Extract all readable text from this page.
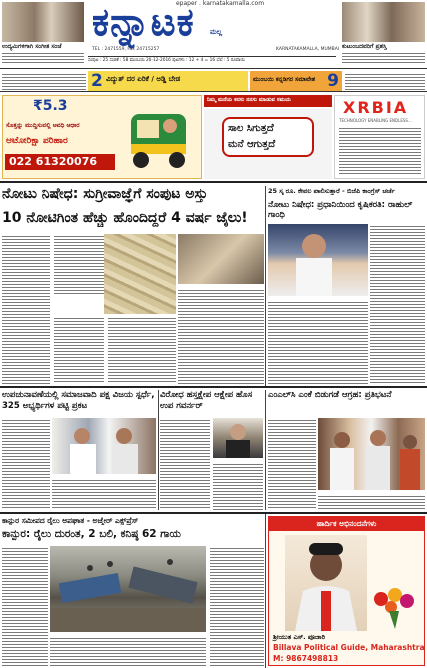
ಉದ್ಯಮಿಗಳಿಗಾಗಿ ಸಂಗೀತ ಸಂಜೆ
epaper . karnatakamalla.com
ಕನ್ನಾಟಕ ಮಲ್ಲ
TEL : 2471559, Fax 24715257	KARNATAKAMALLA, MUMBAI
ಸಂಪುಟ : 25 ಸಂಚಿಕೆ : 58 ಮುಂಬಯಿ 20-12-2016 ಪುಟಗಳು : 12 + 4 = 16 ಬೆಲೆ : 5 ರೂಪಾಯಿ
ಕುಟುಂಬದವರಿಗೆ ಪ್ರಶಸ್ತಿ
2 ವಿದ್ಯುತ್ ದರ ಏರಿಕೆ / ಅಡ್ಡಿ ಬೇಡ	ಮುಂಬಯಿ ಕನ್ನಡಿಗರ ಸಮಾವೇಶ 9
₹5.3
ಸೊತ್ತನ್ನು ಮುದ್ದಿಸುವಲ್ಲಿ ಅವಧಿ ಆಧಾರ
ಆಟೋರಿಕ್ಷಾ ಪರಿಹಾರ
022 61320076
ನಿಮ್ಮ ಮನೆಯ ಕನಸು ನನಸು ಮಾಡುವ ಸಮಯ
ಸಾಲ ಸಿಗುತ್ತದೆ
ಮನೆ ಆಗುತ್ತದೆ
XRBIA
TECHNOLOGY ENABLING ENDLESS...
ನೋಟು ನಿಷೇಧ: ಸುಗ್ರೀವಾಜ್ಞೆಗೆ ಸಂಪುಟ ಅಸ್ತು
10 ನೋಟಿಗಿಂತ ಹೆಚ್ಚು ಹೊಂದಿದ್ದರೆ 4 ವರ್ಷ ಜೈಲು!
25 ಸ್ಕ ರೂ. ಕೇವಲ ಪಾಲಿಸುತ್ತಾರೆ - ಬಿಜೆಪಿ ಕಾಂಗ್ರೆಸ್ ಚರ್ಚೆ
ನೋಟು ನಿಷೇಧ: ಪ್ರಧಾನಿಯಿಂದ ಕೃಷಿಕರತಿ: ರಾಹುಲ್ ಗಾಂಧಿ
ಉಪಚುನಾವಣೆಯಲ್ಲಿ ಸಮಾಜವಾದಿ ಪಕ್ಷ ವಿಜಯ ಸ್ಪರ್ಧೆ, 325 ಅಭ್ಯರ್ಥಿಗಳ ಪಟ್ಟಿ ಪ್ರಕಟ
ವಿರೋಧ ಹಸ್ತಕ್ಷೇಪ ಆಕ್ಷೇಪ ಹೊಸ ಉಪ ಗವರ್ನರ್
ಎಂಎಲ್‌ಸಿ ಎಂಕೆ ಬಿಡುಗಡೆ ಆಗ್ರಹ: ಪ್ರತಿಭಟನೆ
ಕಾನ್ಪುರ ಸಮೀಪದ ರೈಲು ಅಪಘಾತ - ಅಜ್ಮೇರ್ ಎಕ್ಸ್‌ಪ್ರೆಸ್
ಕಾನ್ಪುರ: ರೈಲು ದುರಂತ, 2 ಬಲಿ, ಕನಿಷ್ಠ 62 ಗಾಯ
ಹಾರ್ದಿಕ ಅಭಿನಂದನೆಗಳು
ಶ್ರೀಯುತ ಎಸ್. ಪೂಜಾರಿ
Billava Political Guide, Maharashtra
M: 9867498813
